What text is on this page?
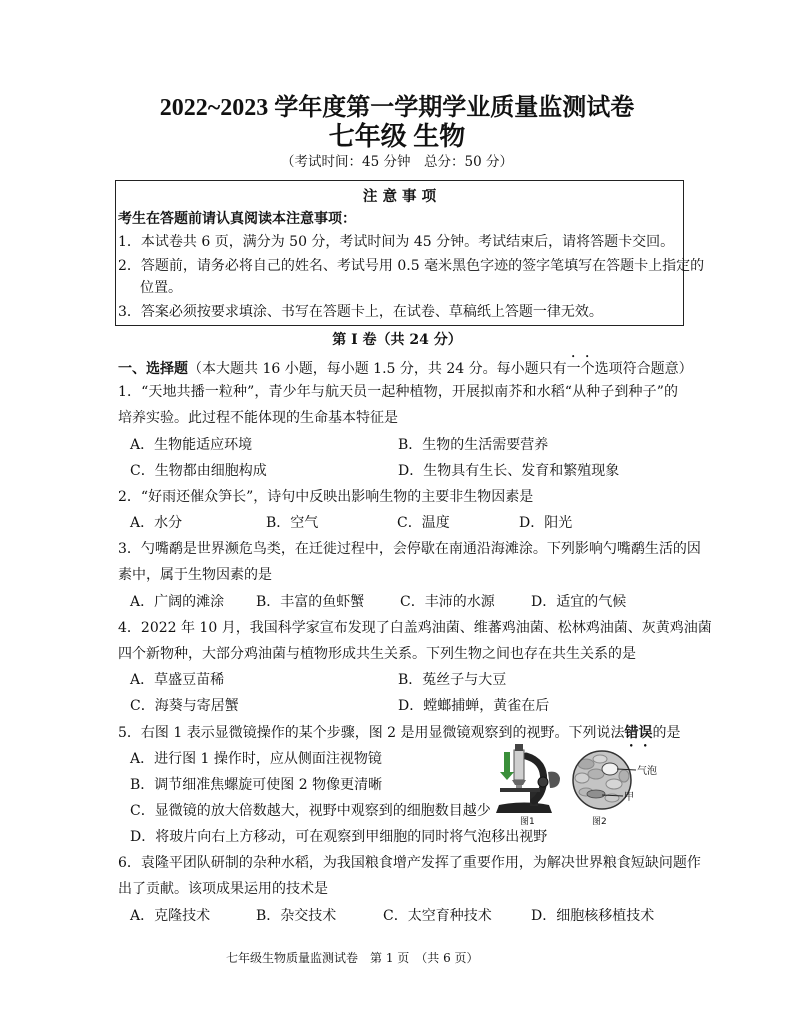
2022~2023 学年度第一学期学业质量监测试卷
七年级 生物
（考试时间：45 分钟　总分：50 分）
注 意 事 项
考生在答题前请认真阅读本注意事项：
1．本试卷共 6 页，满分为 50 分，考试时间为 45 分钟。考试结束后，请将答题卡交回。
2．答题前，请务必将自己的姓名、考试号用 0.5 毫米黑色字迹的签字笔填写在答题卡上指定的
位置。
3．答案必须按要求填涂、书写在答题卡上，在试卷、草稿纸上答题一律无效。
第 I 卷（共 24 分）
一、选择题（本大题共 16 小题，每小题 1.5 分，共 24 分。每小题只有一个选项符合题意）
1．“天地共播一粒种”，青少年与航天员一起种植物，开展拟南芥和水稻“从种子到种子”的
培养实验。此过程不能体现的生命基本特征是
A．生物能适应环境	B．生物的生活需要营养
C．生物都由细胞构成	D．生物具有生长、发育和繁殖现象
2．“好雨还催众笋长”，诗句中反映出影响生物的主要非生物因素是
A．水分	B．空气	C．温度	D．阳光
3．勺嘴鹬是世界濒危鸟类，在迁徙过程中，会停歇在南通沿海滩涂。下列影响勺嘴鹬生活的因
素中，属于生物因素的是
A．广阔的滩涂 B．丰富的鱼虾蟹	C．丰沛的水源	D．适宜的气候
4．2022 年 10 月，我国科学家宣布发现了白盖鸡油菌、维蕃鸡油菌、松林鸡油菌、灰黄鸡油菌
四个新物种，大部分鸡油菌与植物形成共生关系。下列生物之间也存在共生关系的是
A．草盛豆苗稀	B．菟丝子与大豆
C．海葵与寄居蟹	D．螳螂捕蝉，黄雀在后
5．右图 1 表示显微镜操作的某个步骤，图 2 是用显微镜观察到的视野。下列说法错误的是
A．进行图 1 操作时，应从侧面注视物镜
B．调节细准焦螺旋可使图 2 物像更清晰
C．显微镜的放大倍数越大，视野中观察到的细胞数目越少
D．将玻片向右上方移动，可在观察到甲细胞的同时将气泡移出视野
气泡
甲
图1	图2
6．袁隆平团队研制的杂种水稻，为我国粮食增产发挥了重要作用，为解决世界粮食短缺问题作
出了贡献。该项成果运用的技术是
A．克隆技术	B．杂交技术	C．太空育种技术	D．细胞核移植技术
七年级生物质量监测试卷　第 1 页　（共 6 页）
